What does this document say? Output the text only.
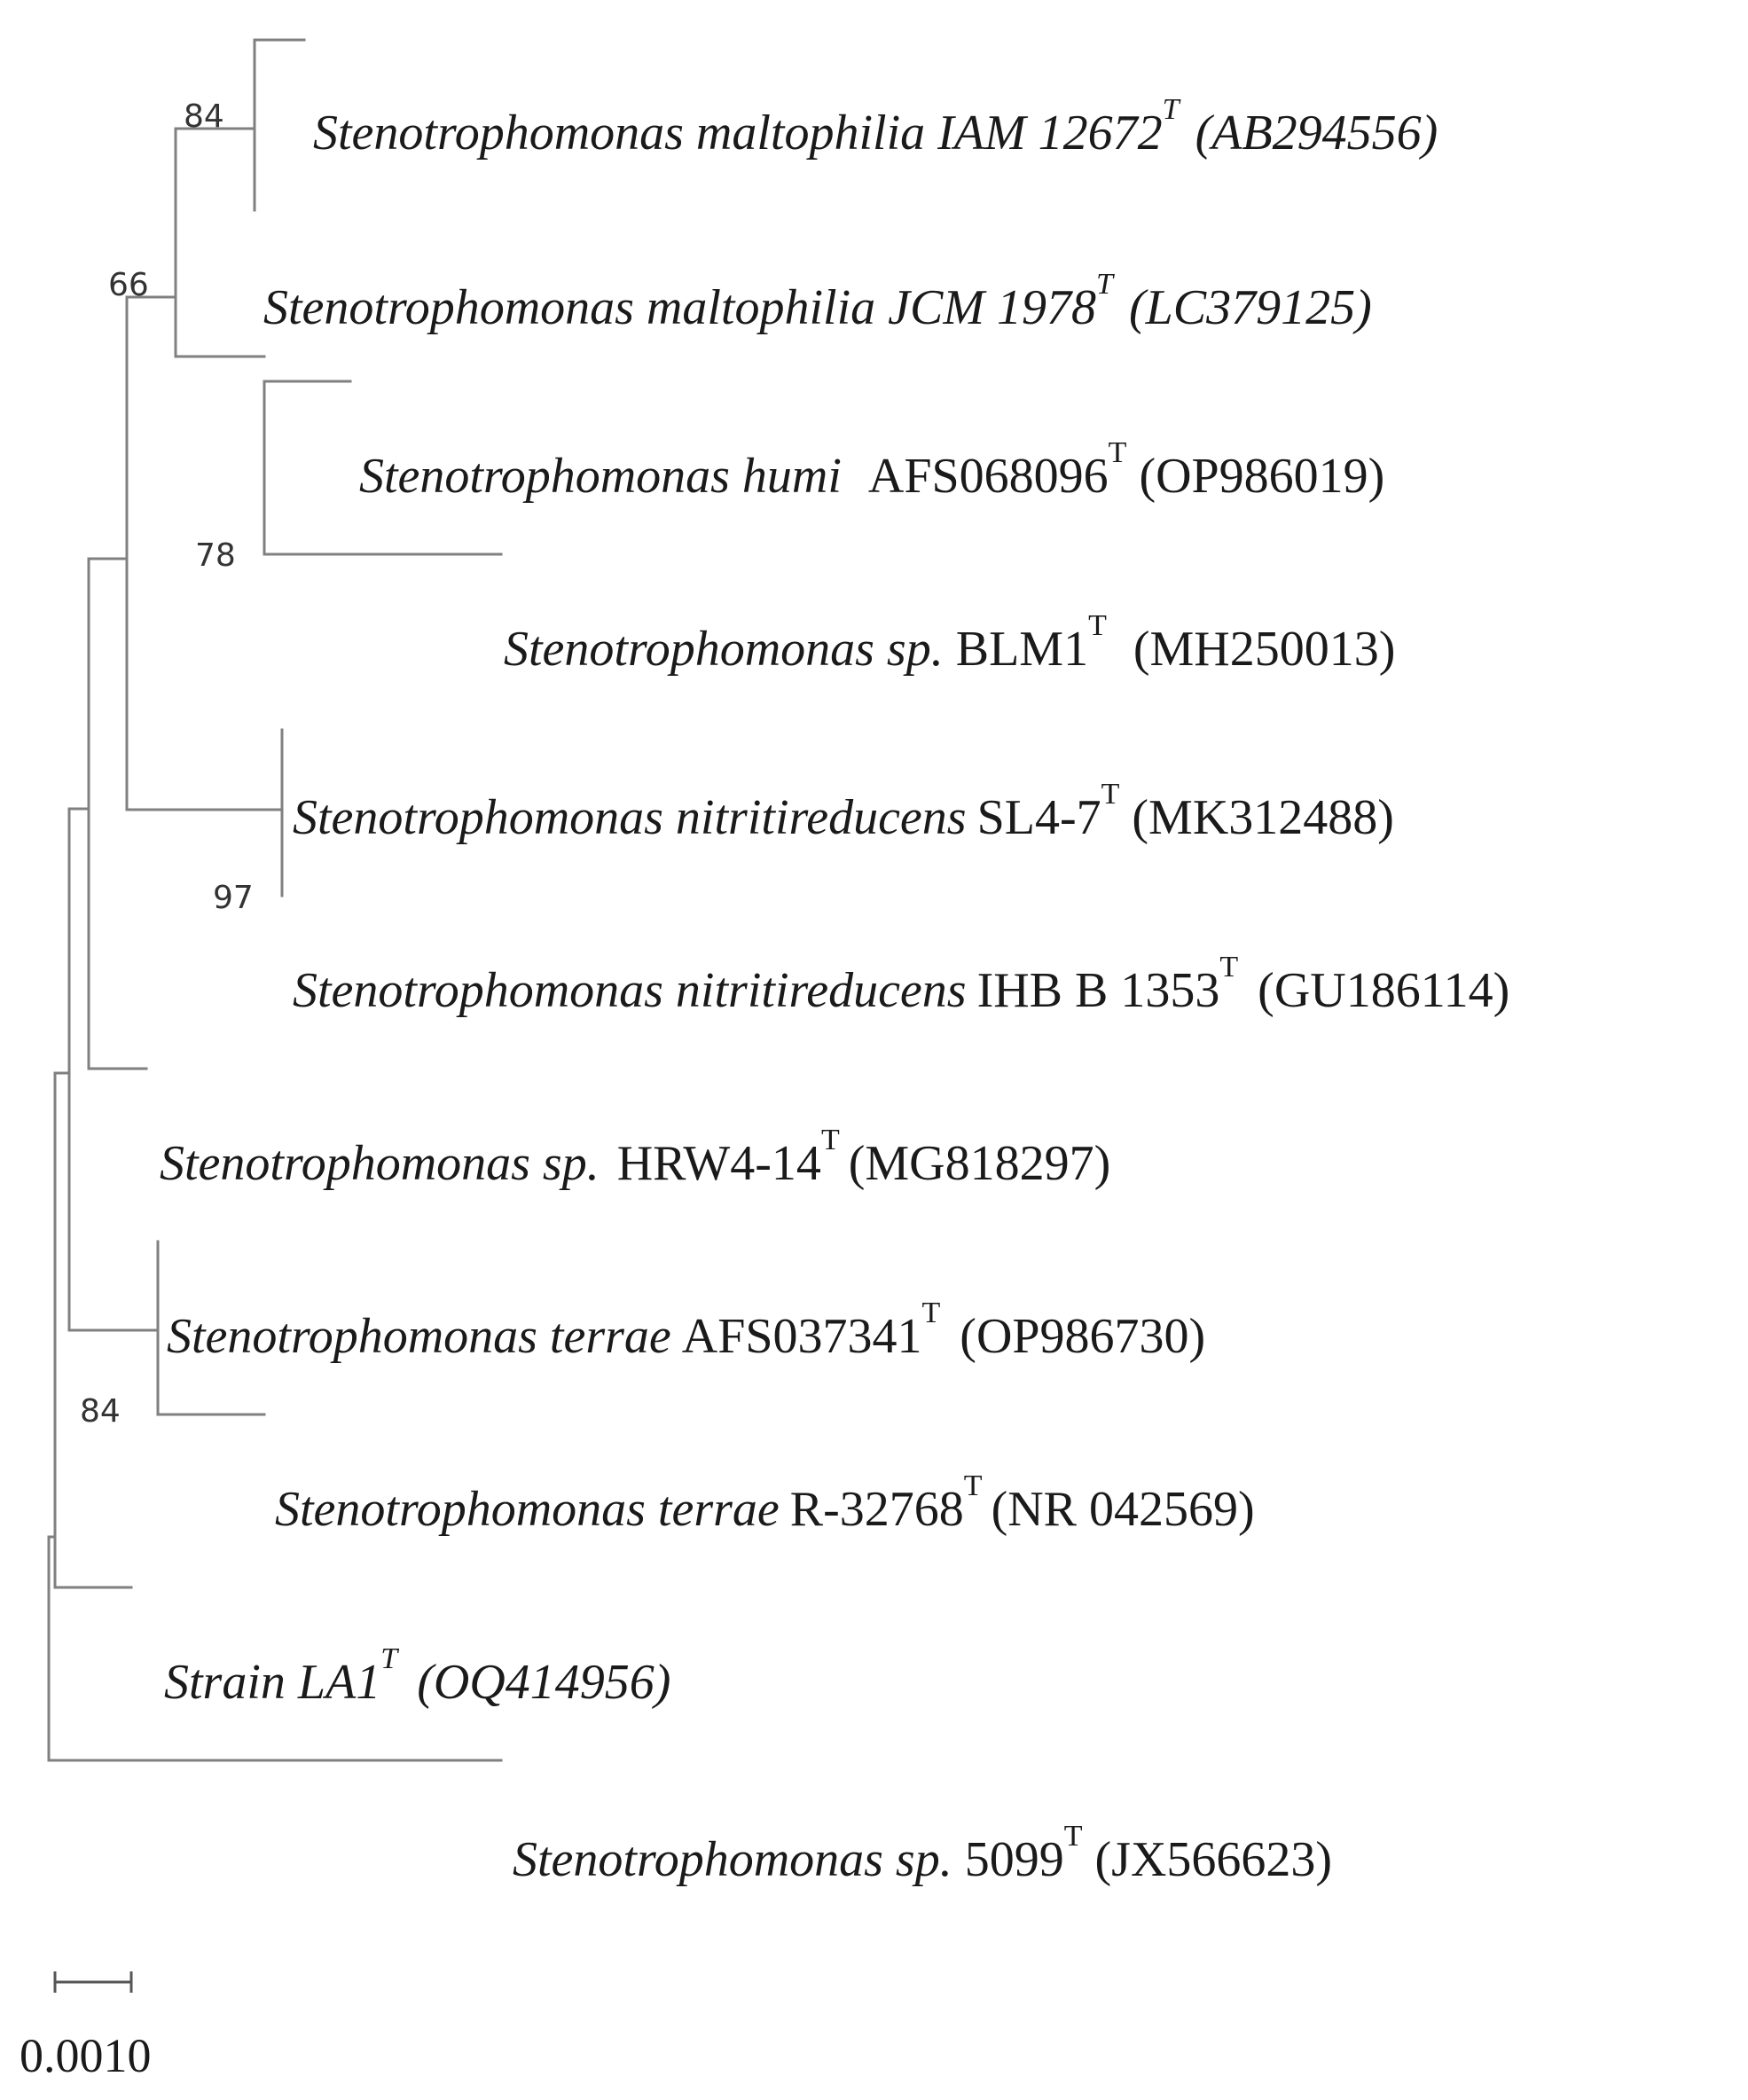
84
66
78
97
84
Stenotrophomonas maltophilia IAM $12672^T$ (AB294556)
Stenotrophomonas maltophilia JCM $1978^T$ (LC379125)
Stenotrophomonas humi $AFS068096^T$ (OP986019)
Stenotrophomonas sp. $BLM1^T$ (MH250013)
Stenotrophomonas nitritireducens $SL4-7^T$ (MK312488)
Stenotrophomonas nitritireducens IHB B $1353^T$ (GU186114)
Stenotrophomonas sp. $HRW4-14^T$ (MG818297)
Stenotrophomonas terrae $AFS037341^T$ (OP986730)
Stenotrophomonas terrae $R-32768^T$ (NR 042569)
Strain $LA1^T$ (OQ414956)
Stenotrophomonas sp. $5099^T$ (JX566623)
0.0010
